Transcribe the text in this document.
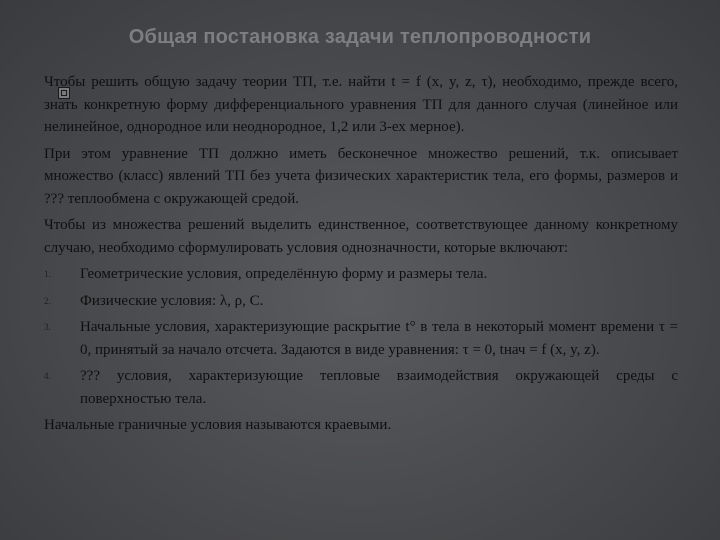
Общая постановка задачи теплопроводности

Чтобы решить общую задачу теории ТП, т.е. найти t = f (x, y, z, τ), необходимо, прежде всего, знать конкретную форму дифференциального уравнения ТП для данного случая (линейное или нелинейное, однородное или неоднородное, 1,2 или 3-ех мерное).

При этом уравнение ТП должно иметь бесконечное множество решений, т.к. описывает множество (класс) явлений ТП без учета физических характеристик тела, его формы, размеров и ??? теплообмена с окружающей средой.

Чтобы из множества решений выделить единственное, соответствующее данному конкретному случаю, необходимо сформулировать условия однозначности, которые включают:

1. Геометрические условия, определённую форму и размеры тела.
2. Физические условия: λ, ρ, C.
3. Начальные условия, характеризующие раскрытие t° в тела в некоторый момент времени τ = 0, принятый за начало отсчета. Задаются в виде уравнения: τ = 0, tнач = f (x, y, z).
4. ??? условия, характеризующие тепловые взаимодействия окружающей среды с поверхностью тела.

Начальные граничные условия называются краевыми.
